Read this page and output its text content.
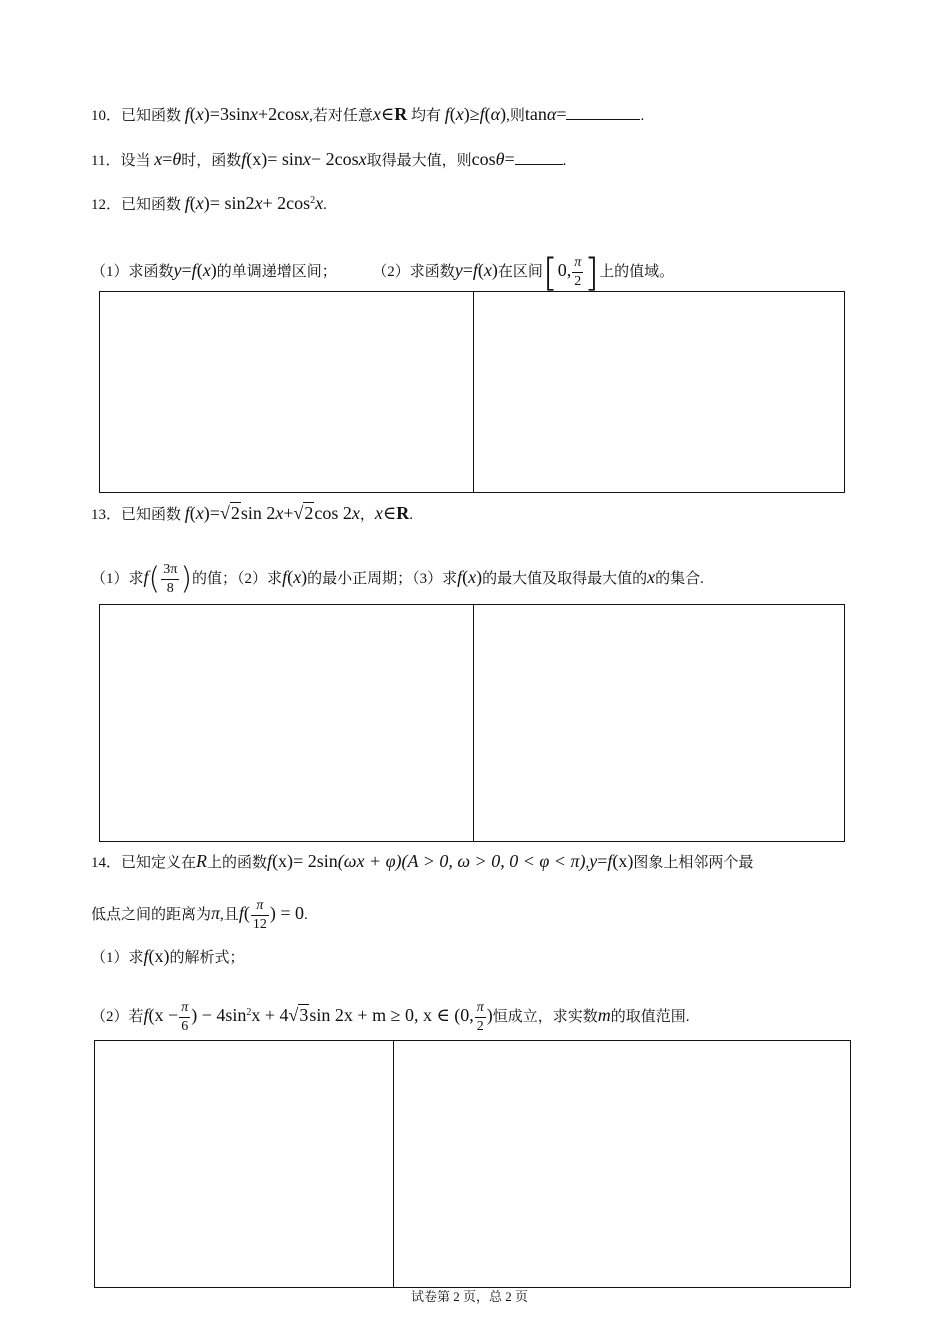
10．已知函数 f(x)=3sinx+2cosx,若对任意x∈R 均有 f(x)≥f(α),则tanα=	.
11．设当 x=θ时，函数f(x)= sinx− 2cosx取得最大值，则cosθ=	.
12．已知函数 $f(x)= \sin 2x+ 2\cos^2x$.
（1）求函数y=f(x)的单调递增区间； （2）求函数y=f(x)在区间[0, $\frac{\pi}{2}$ ]上的值域。
13．已知函数 f(x)=√2sin 2x+√2cos 2x，x∈R.
（1）求$f( \frac{3\pi}{8}$ )的值；（2）求f(x)的最小正周期；（3）求f(x)的最大值及取得最大值的x的集合.
14．已知定义在R上的函数f(x)= 2sin(ωx + φ)(A > 0, ω > 0, 0 < φ < π),y=f(x)图象上相邻两个最
低点之间的距离为π,且$f( \frac{\pi}{12}$ ) = 0.
（1）求f(x)的解析式；
（2）若$f(x - \frac{\pi}{6}$ ) − $4\sin^2x + 4√3\sin$ 2x + m ≥ 0, x ∈ (0, $\frac{\pi}{2}$ )恒成立，求实数m的取值范围.
试卷第 2 页，总 2 页
